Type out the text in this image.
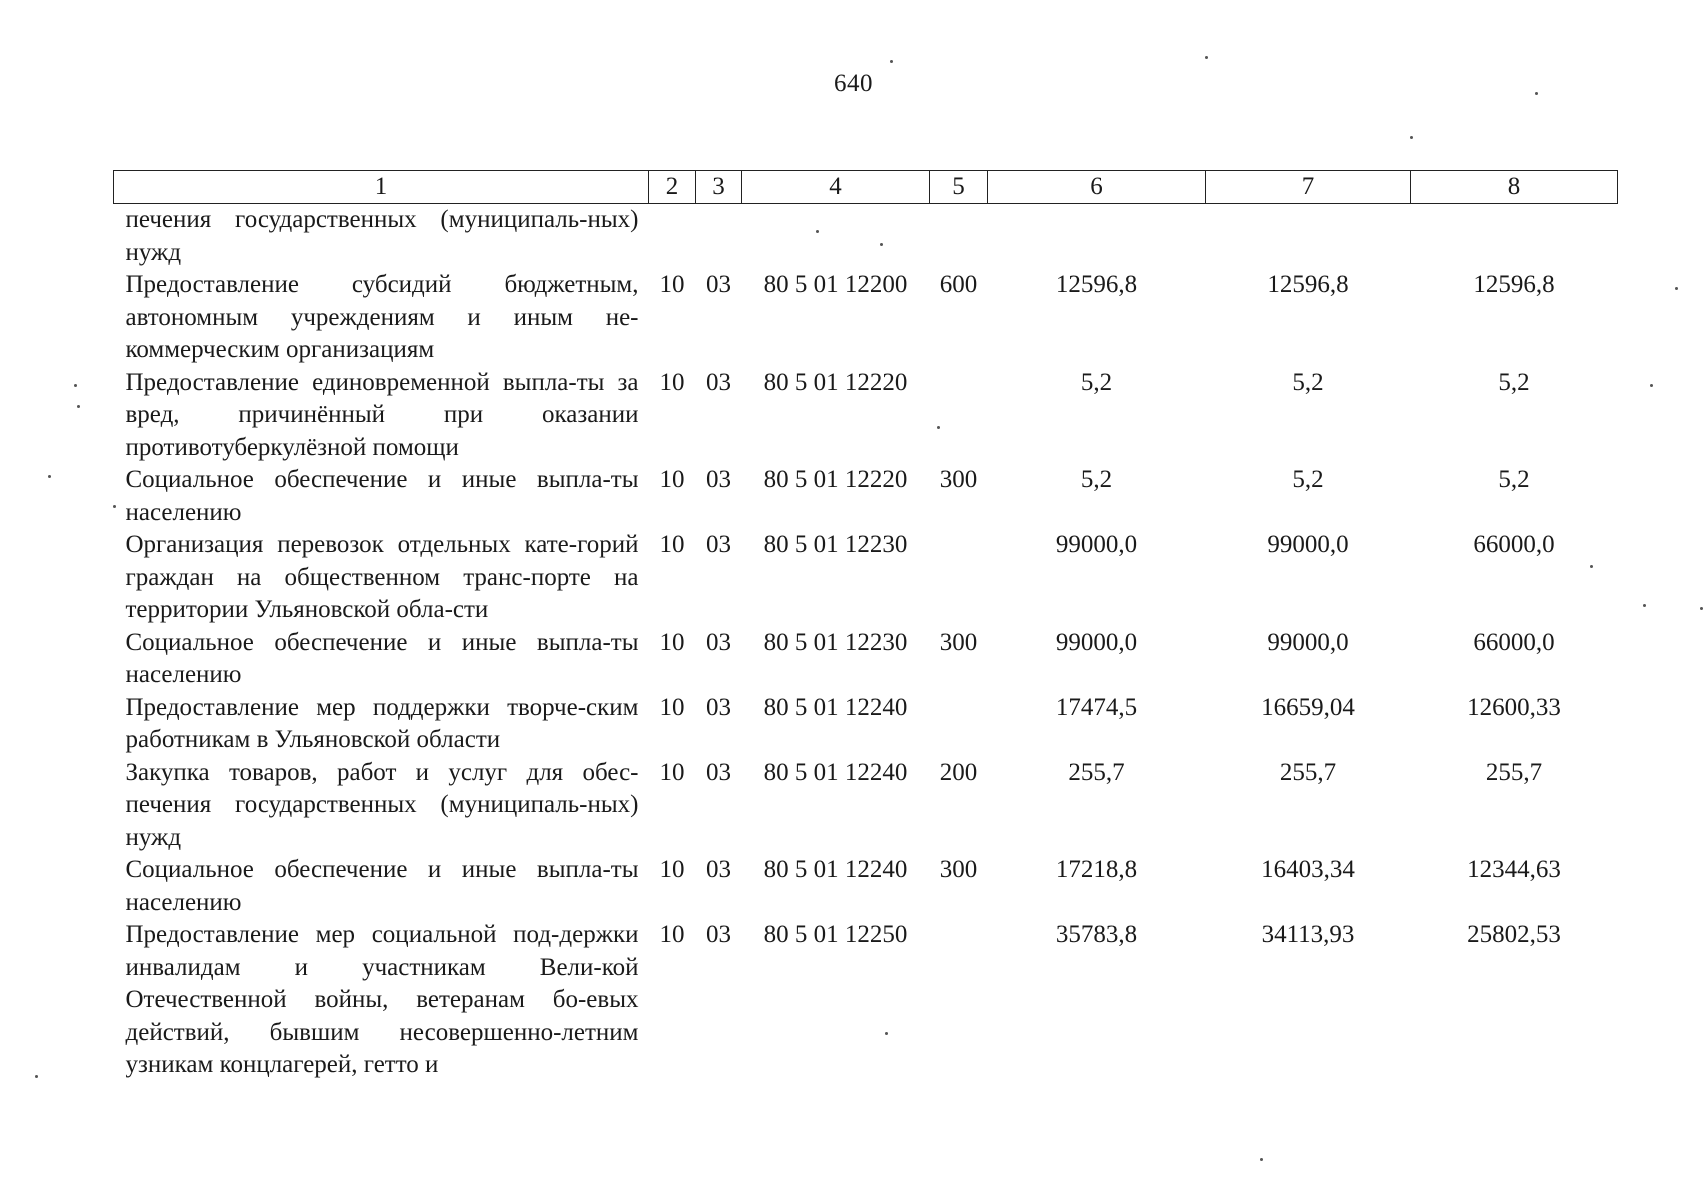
640
1	2	3	4	5	6	7	8
печения государственных (муниципаль-ных) нужд							
Предоставление субсидий бюджетным, автономным учреждениям и иным не-коммерческим организациям	10	03	80 5 01 12200	600	12596,8	12596,8	12596,8
Предоставление единовременной выпла-ты за вред, причинённый при оказании противотуберкулёзной помощи	10	03	80 5 01 12220		5,2	5,2	5,2
Социальное обеспечение и иные выпла-ты населению	10	03	80 5 01 12220	300	5,2	5,2	5,2
Организация перевозок отдельных кате-горий граждан на общественном транс-порте на территории Ульяновской обла-сти	10	03	80 5 01 12230		99000,0	99000,0	66000,0
Социальное обеспечение и иные выпла-ты населению	10	03	80 5 01 12230	300	99000,0	99000,0	66000,0
Предоставление мер поддержки творче-ским работникам в Ульяновской области	10	03	80 5 01 12240		17474,5	16659,04	12600,33
Закупка товаров, работ и услуг для обес-печения государственных (муниципаль-ных) нужд	10	03	80 5 01 12240	200	255,7	255,7	255,7
Социальное обеспечение и иные выпла-ты населению	10	03	80 5 01 12240	300	17218,8	16403,34	12344,63
Предоставление мер социальной под-держки инвалидам и участникам Вели-кой Отечественной войны, ветеранам бо-евых действий, бывшим несовершенно-летним узникам концлагерей, гетто и	10	03	80 5 01 12250		35783,8	34113,93	25802,53
